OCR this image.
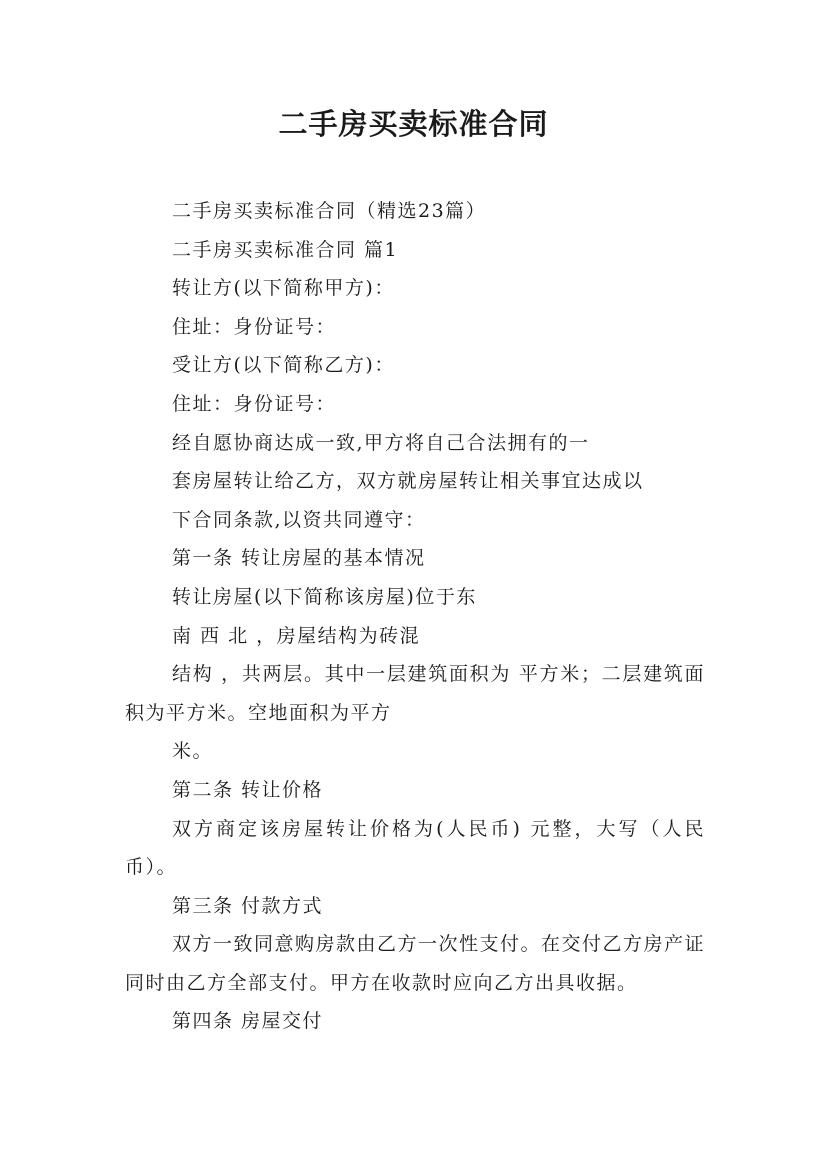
二手房买卖标准合同

二手房买卖标准合同（精选23篇）

二手房买卖标准合同 篇1

转让方(以下简称甲方)：

住址：身份证号：

受让方(以下简称乙方)：

住址：身份证号：

经自愿协商达成一致,甲方将自己合法拥有的一

套房屋转让给乙方，双方就房屋转让相关事宜达成以

下合同条款,以资共同遵守：

第一条 转让房屋的基本情况

转让房屋(以下简称该房屋)位于东

南 西 北 ，房屋结构为砖混

结构 ，共两层。其中一层建筑面积为 平方米；二层建筑面积为平方米。空地面积为平方

米。

第二条 转让价格

双方商定该房屋转让价格为(人民币) 元整，大写（人民币）。

第三条 付款方式

双方一致同意购房款由乙方一次性支付。在交付乙方房产证同时由乙方全部支付。甲方在收款时应向乙方出具收据。

第四条 房屋交付
